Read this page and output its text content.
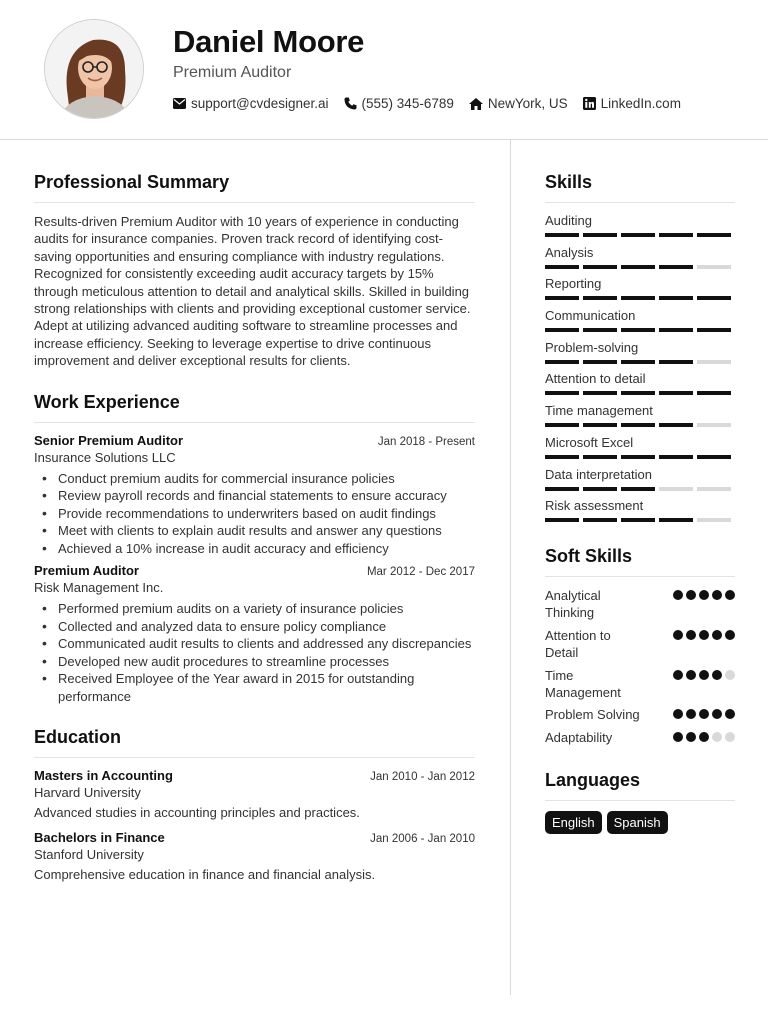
Daniel Moore
Premium Auditor
support@cvdesigner.ai (555) 345-6789	NewYork, US LinkedIn.com
Professional Summary

Results-driven Premium Auditor with 10 years of experience in conducting audits for insurance companies. Proven track record of identifying cost-saving opportunities and ensuring compliance with industry regulations. Recognized for consistently exceeding audit accuracy targets by 15% through meticulous attention to detail and analytical skills. Skilled in building strong relationships with clients and providing exceptional customer service. Adept at utilizing advanced auditing software to streamline processes and increase efficiency. Seeking to leverage expertise to drive continuous improvement and deliver exceptional results for clients.

Work Experience
Senior Premium Auditor	Jan 2018 - Present
Insurance Solutions LLC
• Conduct premium audits for commercial insurance policies
• Review payroll records and financial statements to ensure accuracy
• Provide recommendations to underwriters based on audit findings
• Meet with clients to explain audit results and answer any questions
• Achieved a 10% increase in audit accuracy and efficiency
Premium Auditor	Mar 2012 - Dec 2017
Risk Management Inc.
• Performed premium audits on a variety of insurance policies
• Collected and analyzed data to ensure policy compliance
• Communicated audit results to clients and addressed any discrepancies
• Developed new audit procedures to streamline processes
• Received Employee of the Year award in 2015 for outstanding performance
Education
Masters in Accounting	Jan 2010 - Jan 2012
Harvard University
Advanced studies in accounting principles and practices.
Bachelors in Finance	Jan 2006 - Jan 2010
Stanford University
Comprehensive education in finance and financial analysis.
Skills
Auditing
Analysis
Reporting
Communication
Problem-solving
Attention to detail
Time management
Microsoft Excel
Data interpretation
Risk assessment
Soft Skills
Analytical Thinking
Attention to Detail
Time Management
Problem Solving
Adaptability
Languages
English	Spanish
